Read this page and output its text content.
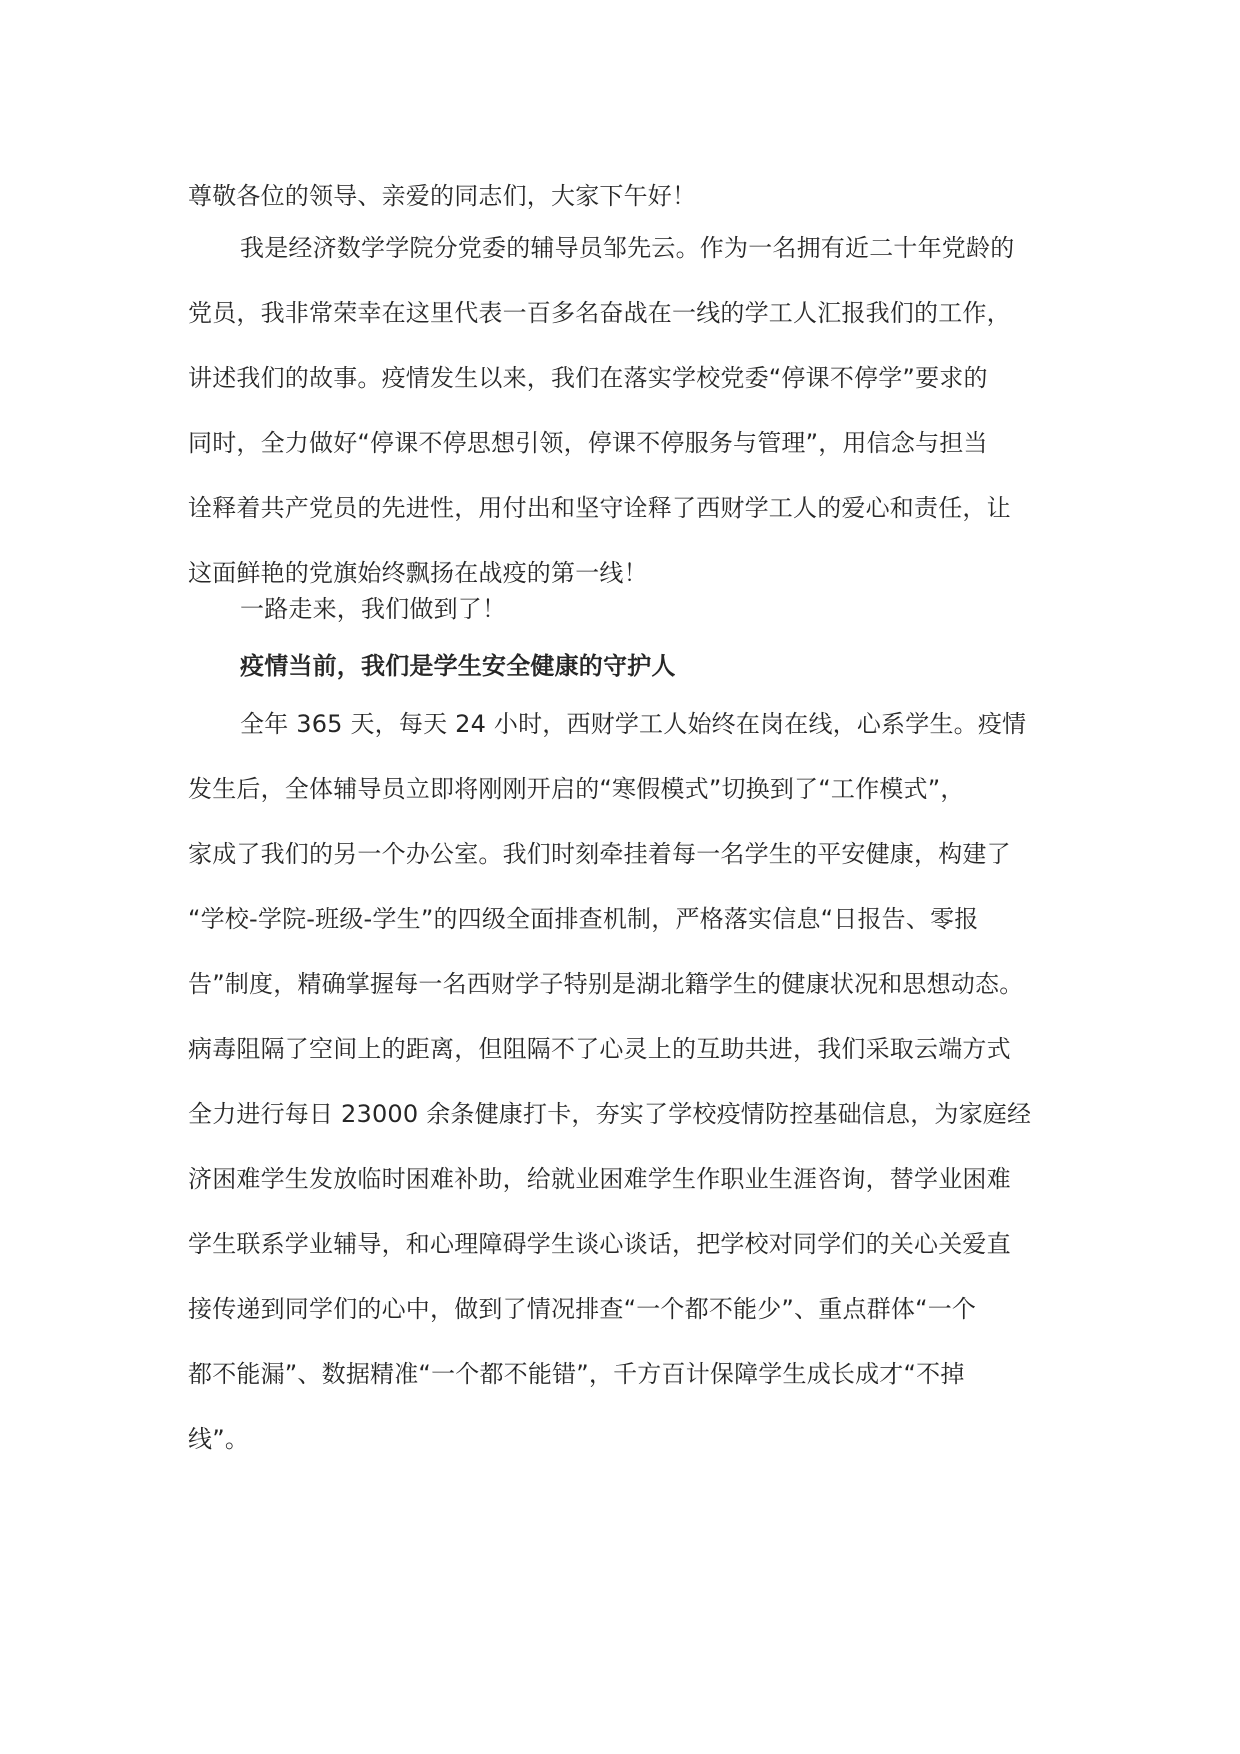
尊敬各位的领导、亲爱的同志们，大家下午好！
我是经济数学学院分党委的辅导员邹先云。作为一名拥有近二十年党龄的
党员，我非常荣幸在这里代表一百多名奋战在一线的学工人汇报我们的工作，
讲述我们的故事。疫情发生以来，我们在落实学校党委“停课不停学”要求的
同时，全力做好“停课不停思想引领，停课不停服务与管理”，用信念与担当
诠释着共产党员的先进性，用付出和坚守诠释了西财学工人的爱心和责任，让
这面鲜艳的党旗始终飘扬在战疫的第一线！
一路走来，我们做到了！
疫情当前，我们是学生安全健康的守护人
全年 365 天，每天 24 小时，西财学工人始终在岗在线，心系学生。疫情
发生后，全体辅导员立即将刚刚开启的“寒假模式”切换到了“工作模式”，
家成了我们的另一个办公室。我们时刻牵挂着每一名学生的平安健康，构建了
“学校-学院-班级-学生”的四级全面排查机制，严格落实信息“日报告、零报
告”制度，精确掌握每一名西财学子特别是湖北籍学生的健康状况和思想动态。
病毒阻隔了空间上的距离，但阻隔不了心灵上的互助共进，我们采取云端方式
全力进行每日 23000 余条健康打卡，夯实了学校疫情防控基础信息，为家庭经
济困难学生发放临时困难补助，给就业困难学生作职业生涯咨询，替学业困难
学生联系学业辅导，和心理障碍学生谈心谈话，把学校对同学们的关心关爱直
接传递到同学们的心中，做到了情况排查“一个都不能少”、重点群体“一个
都不能漏”、数据精准“一个都不能错”，千方百计保障学生成长成才“不掉
线”。
